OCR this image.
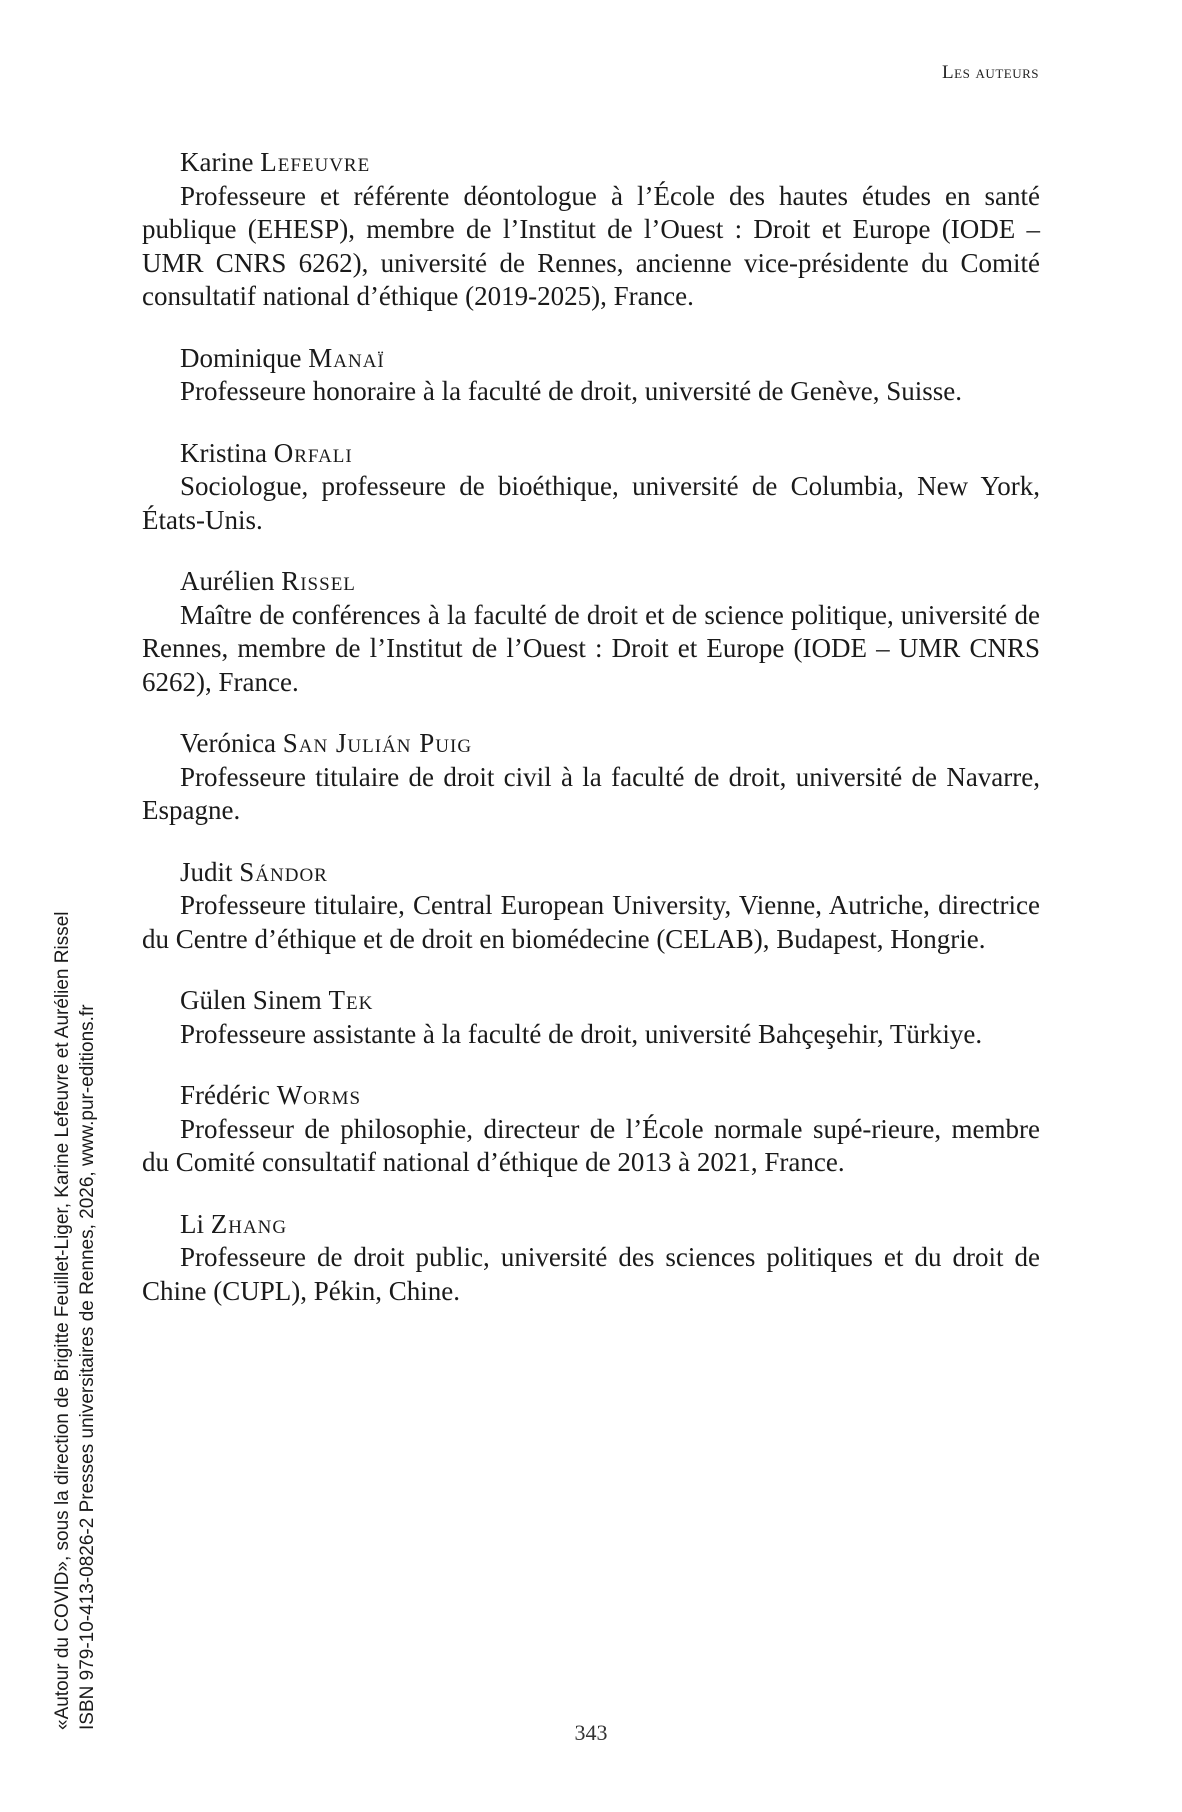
Les auteurs

Karine Lefeuvre

Professeure et référente déontologue à l’École des hautes études en santé publique (EHESP), membre de l’Institut de l’Ouest : Droit et Europe (IODE – UMR CNRS 6262), université de Rennes, ancienne vice-présidente du Comité consultatif national d’éthique (2019-2025), France.

Dominique Manaï

Professeure honoraire à la faculté de droit, université de Genève, Suisse.

Kristina Orfali

Sociologue, professeure de bioéthique, université de Columbia, New York, États-Unis.

Aurélien Rissel

Maître de conférences à la faculté de droit et de science politique, université de Rennes, membre de l’Institut de l’Ouest : Droit et Europe (IODE – UMR CNRS 6262), France.

Verónica San Julián Puig

Professeure titulaire de droit civil à la faculté de droit, université de Navarre, Espagne.

Judit Sándor

Professeure titulaire, Central European University, Vienne, Autriche, directrice du Centre d’éthique et de droit en biomédecine (CELAB), Budapest, Hongrie.

Gülen Sinem Tek

Professeure assistante à la faculté de droit, université Bahçeşehir, Türkiye.

Frédéric Worms

Professeur de philosophie, directeur de l’École normale supé-rieure, membre du Comité consultatif national d’éthique de 2013 à 2021, France.

Li Zhang

Professeure de droit public, université des sciences politiques et du droit de Chine (CUPL), Pékin, Chine.

«Autour du COVID», sous la direction de Brigitte Feuillet-Liger, Karine Lefeuvre et Aurélien Rissel ISBN 979-10-413-0826-2 Presses universitaires de Rennes, 2026, www.pur-editions.fr
343
